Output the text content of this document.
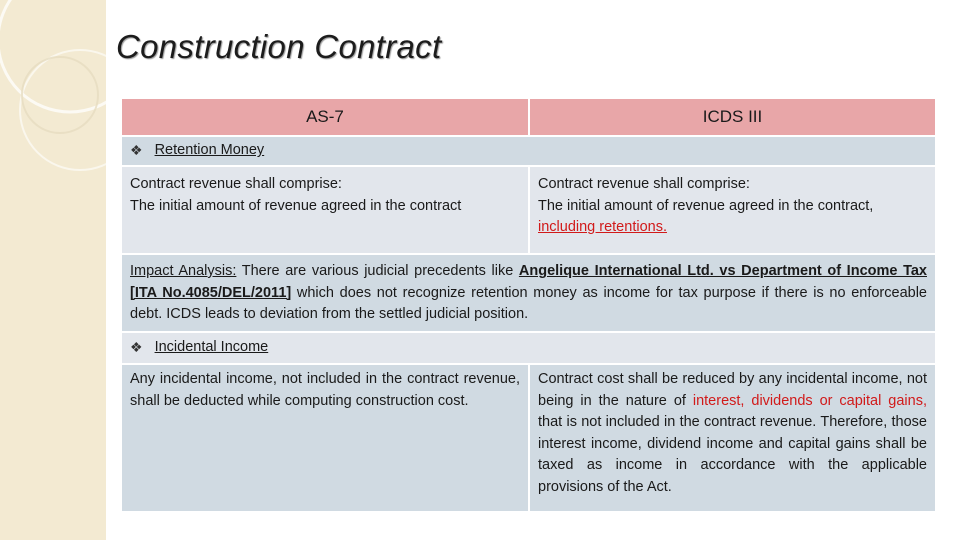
Construction Contract
AS-7	ICDS III
❖ Retention Money
Contract revenue shall comprise:
The initial amount of revenue agreed in the contract
Contract revenue shall comprise:
The initial amount of revenue agreed in the contract,
including retentions.
Impact Analysis: There are various judicial precedents like Angelique International Ltd. vs Department of Income Tax [ITA No.4085/DEL/2011] which does not recognize retention money as income for tax purpose if there is no enforceable debt. ICDS leads to deviation from the settled judicial position.
❖ Incidental Income
Any incidental income, not included in the contract revenue, shall be deducted while computing construction cost.
Contract cost shall be reduced by any incidental income, not being in the nature of interest, dividends or capital gains, that is not included in the contract revenue. Therefore, those interest income, dividend income and capital gains shall be taxed as income in accordance with the applicable provisions of the Act.
